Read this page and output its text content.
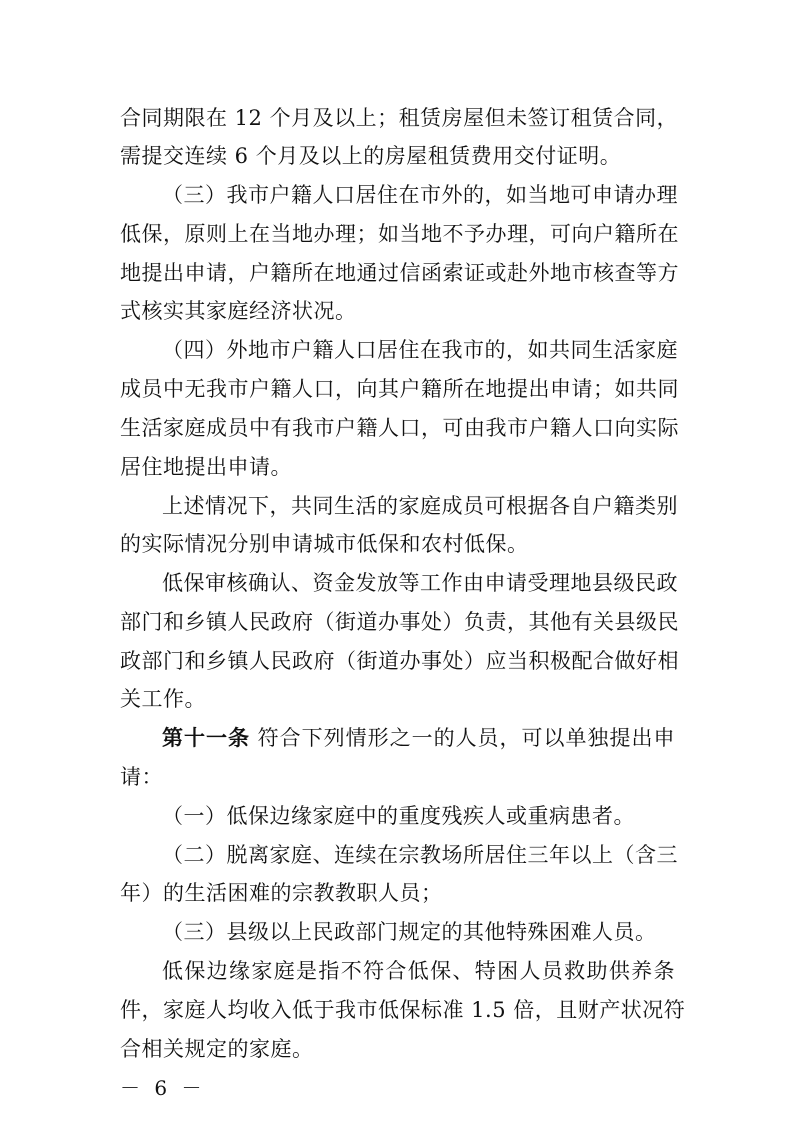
合同期限在 12 个月及以上；租赁房屋但未签订租赁合同，
需提交连续 6 个月及以上的房屋租赁费用交付证明。
（三）我市户籍人口居住在市外的，如当地可申请办理
低保，原则上在当地办理；如当地不予办理，可向户籍所在
地提出申请，户籍所在地通过信函索证或赴外地市核查等方
式核实其家庭经济状况。
（四）外地市户籍人口居住在我市的，如共同生活家庭
成员中无我市户籍人口，向其户籍所在地提出申请；如共同
生活家庭成员中有我市户籍人口，可由我市户籍人口向实际
居住地提出申请。
上述情况下，共同生活的家庭成员可根据各自户籍类别
的实际情况分别申请城市低保和农村低保。
低保审核确认、资金发放等工作由申请受理地县级民政
部门和乡镇人民政府（街道办事处）负责，其他有关县级民
政部门和乡镇人民政府（街道办事处）应当积极配合做好相
关工作。
第十一条 符合下列情形之一的人员，可以单独提出申
请：
（一）低保边缘家庭中的重度残疾人或重病患者。
（二）脱离家庭、连续在宗教场所居住三年以上（含三
年）的生活困难的宗教教职人员；
（三）县级以上民政部门规定的其他特殊困难人员。
低保边缘家庭是指不符合低保、特困人员救助供养条
件，家庭人均收入低于我市低保标准 1.5 倍，且财产状况符
合相关规定的家庭。
－ 6 －
